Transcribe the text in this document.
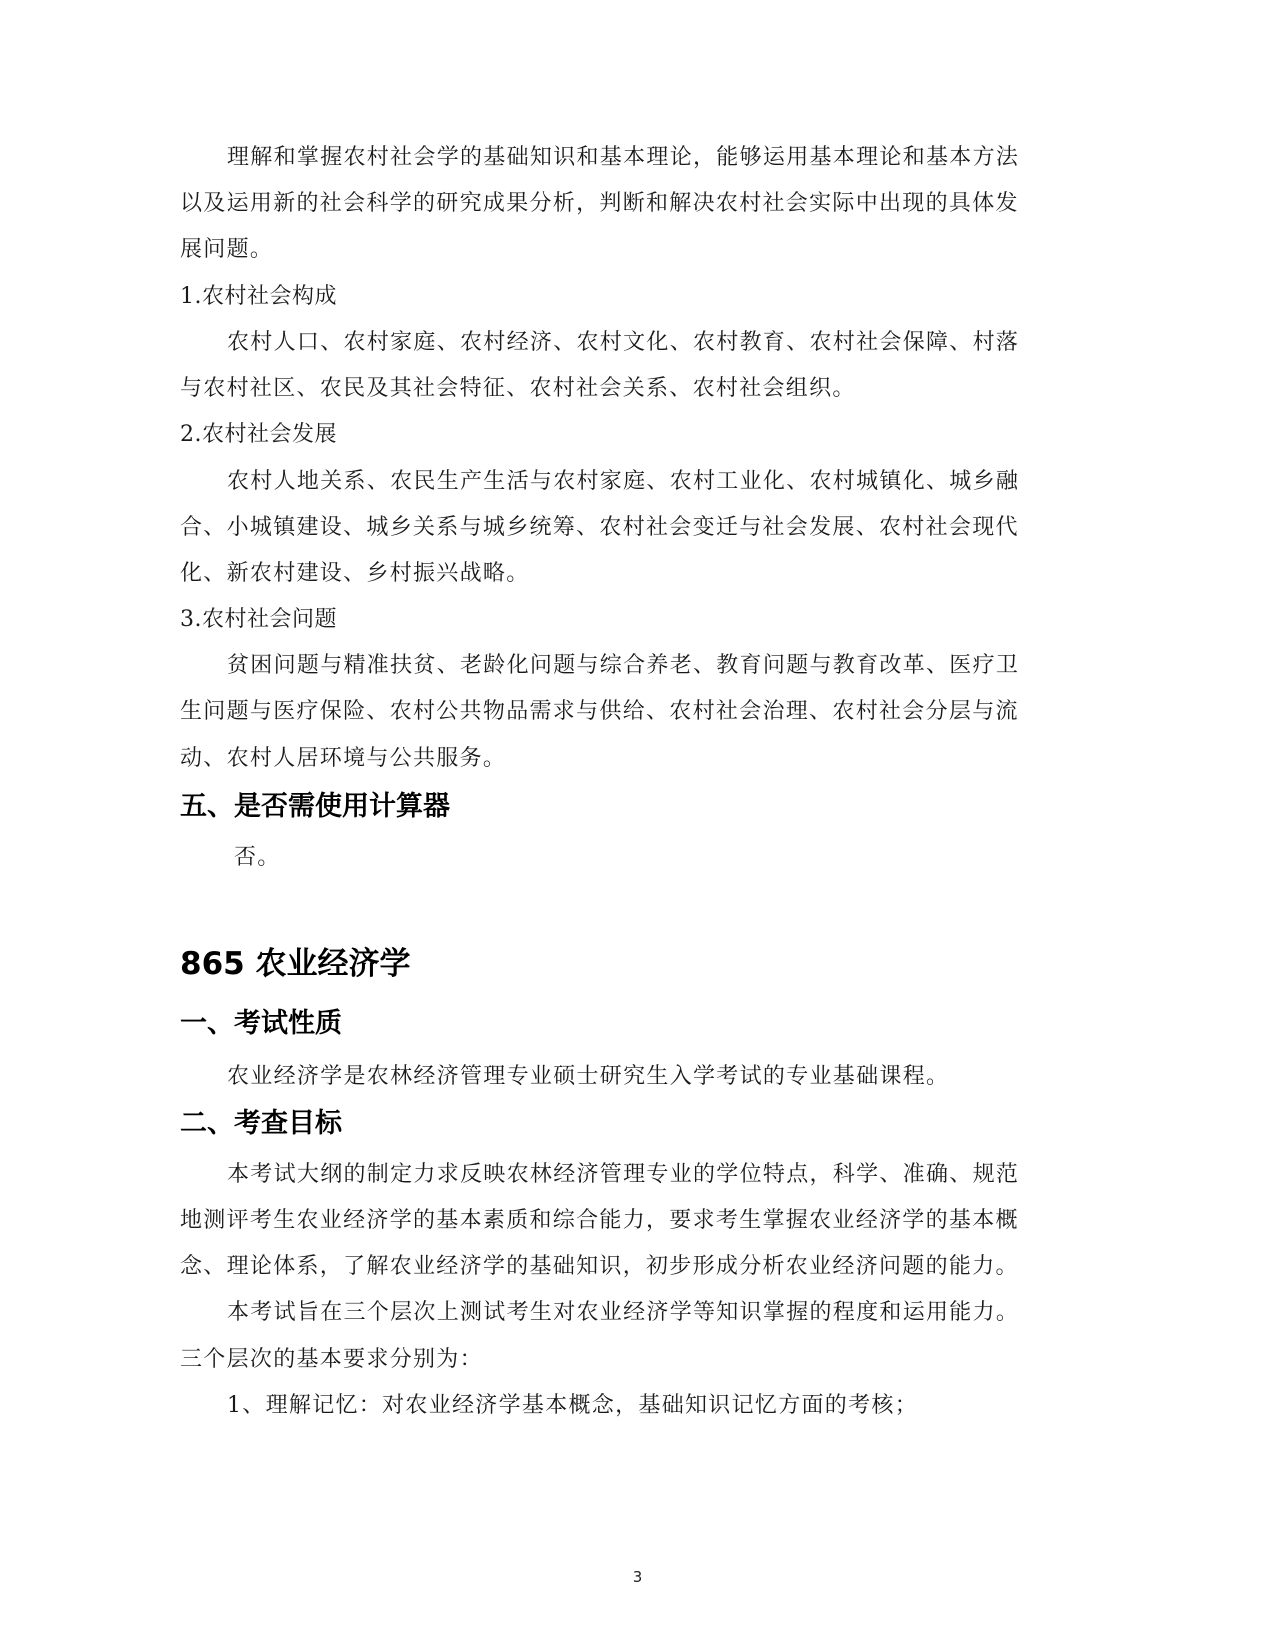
理解和掌握农村社会学的基础知识和基本理论，能够运用基本理论和基本方法
以及运用新的社会科学的研究成果分析，判断和解决农村社会实际中出现的具体发
展问题。
1.农村社会构成
农村人口、农村家庭、农村经济、农村文化、农村教育、农村社会保障、村落
与农村社区、农民及其社会特征、农村社会关系、农村社会组织。
2.农村社会发展
农村人地关系、农民生产生活与农村家庭、农村工业化、农村城镇化、城乡融
合、小城镇建设、城乡关系与城乡统筹、农村社会变迁与社会发展、农村社会现代
化、新农村建设、乡村振兴战略。
3.农村社会问题
贫困问题与精准扶贫、老龄化问题与综合养老、教育问题与教育改革、医疗卫
生问题与医疗保险、农村公共物品需求与供给、农村社会治理、农村社会分层与流
动、农村人居环境与公共服务。
五、是否需使用计算器
否。
865 农业经济学
一、考试性质
农业经济学是农林经济管理专业硕士研究生入学考试的专业基础课程。
二、考查目标
本考试大纲的制定力求反映农林经济管理专业的学位特点，科学、准确、规范
地测评考生农业经济学的基本素质和综合能力，要求考生掌握农业经济学的基本概
念、理论体系，了解农业经济学的基础知识，初步形成分析农业经济问题的能力。
本考试旨在三个层次上测试考生对农业经济学等知识掌握的程度和运用能力。
三个层次的基本要求分别为：
1、理解记忆：对农业经济学基本概念，基础知识记忆方面的考核；
3
